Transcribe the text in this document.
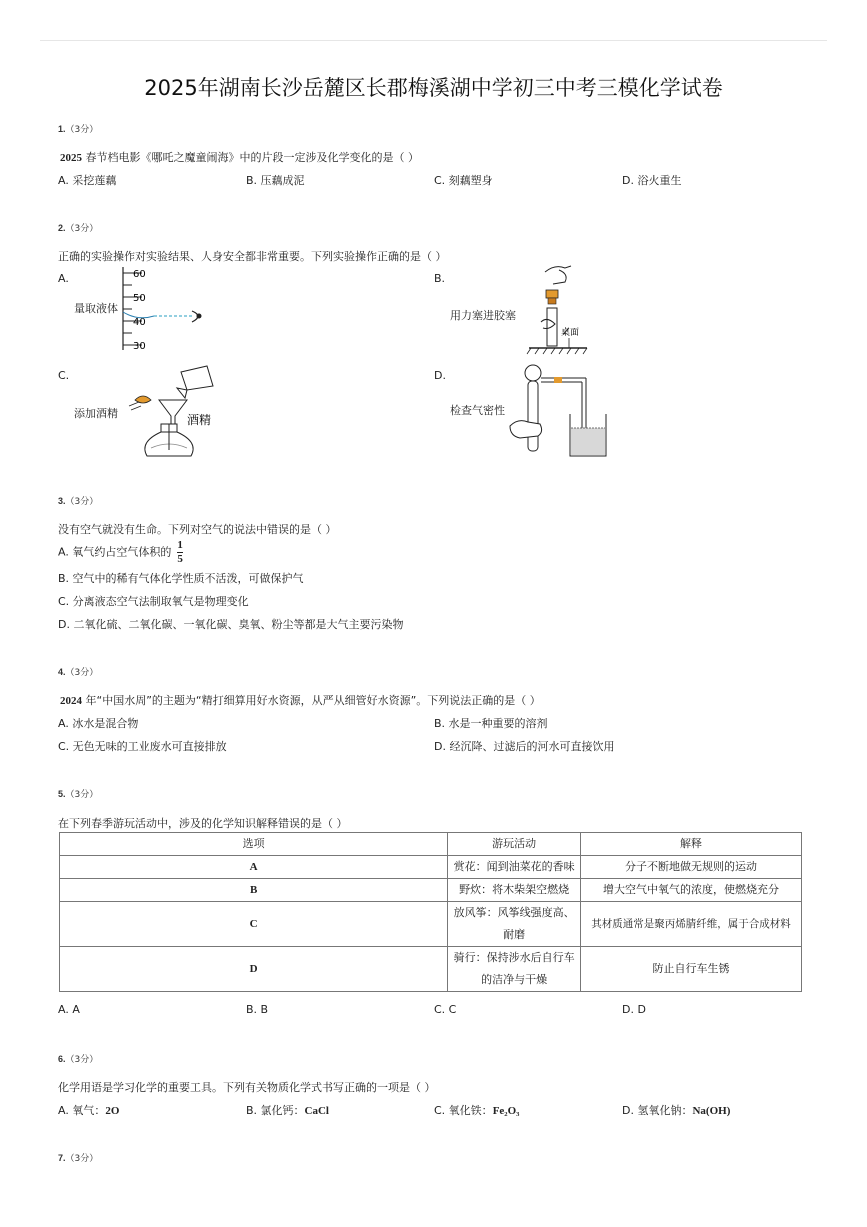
2025年湖南长沙岳麓区长郡梅溪湖中学初三中考三模化学试卷
1.（3分）
2025 春节档电影《哪吒之魔童闹海》中的片段一定涉及化学变化的是（ ）
A. 采挖莲藕	B. 压藕成泥	C. 刻藕塑身	D. 浴火重生
2.（3分）
正确的实验操作对实验结果、人身安全都非常重要。下列实验操作正确的是（ ）
A.	B.
C.	D.
量取液体
60
50
40
30
用力塞进胶塞
桌面
添加酒精	酒精
检查气密性
3.（3分）
没有空气就没有生命。下列对空气的说法中错误的是（ ）
A. 氧气约占空气体积的 $\frac{1}{5}$
B. 空气中的稀有气体化学性质不活泼，可做保护气
C. 分离液态空气法制取氧气是物理变化
D. 二氧化硫、二氧化碳、一氧化碳、臭氧、粉尘等都是大气主要污染物
4.（3分）
2024 年“中国水周”的主题为“精打细算用好水资源，从严从细管好水资源”。下列说法正确的是（ ）
A. 冰水是混合物	B. 水是一种重要的溶剂
C. 无色无味的工业废水可直接排放	D. 经沉降、过滤后的河水可直接饮用
5.（3分）
在下列春季游玩活动中，涉及的化学知识解释错误的是（ ）
选项	游玩活动	解释
A	赏花：闻到油菜花的香味	分子不断地做无规则的运动
B	野炊：将木柴架空燃烧	增大空气中氧气的浓度，使燃烧充分
C	放风筝：风筝线强度高、耐磨	其材质通常是聚丙烯腈纤维，属于合成材料
D	骑行：保持涉水后自行车的洁净与干燥	防止自行车生锈
A. A	B. B	C. C	D. D
6.（3分）
化学用语是学习化学的重要工具。下列有关物质化学式书写正确的一项是（ ）
A. 氧气：2O	B. 氯化钙：CaCl	C. 氧化铁：Fe₂O₃	D. 氢氧化钠：Na(OH)
7.（3分）
